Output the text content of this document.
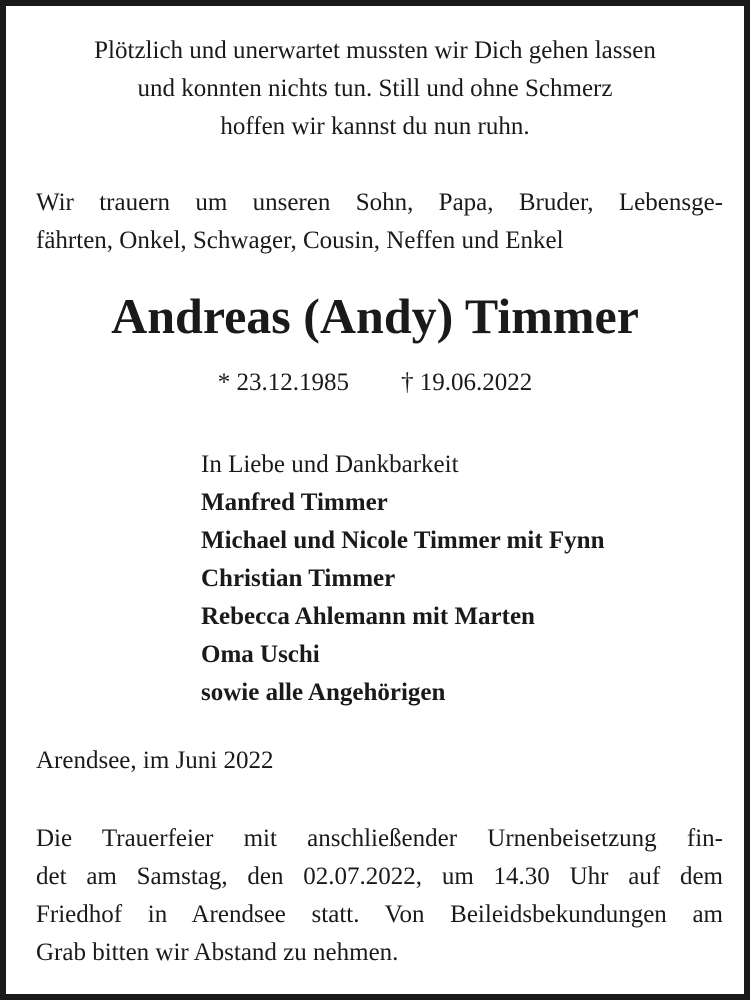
Plötzlich und unerwartet mussten wir Dich gehen lassen
und konnten nichts tun. Still und ohne Schmerz
hoffen wir kannst du nun ruhn.
Wir trauern um unseren Sohn, Papa, Bruder, Lebensge-
fährten, Onkel, Schwager, Cousin, Neffen und Enkel
Andreas (Andy) Timmer
* 23.12.1985 † 19.06.2022
In Liebe und Dankbarkeit
Manfred Timmer
Michael und Nicole Timmer mit Fynn
Christian Timmer
Rebecca Ahlemann mit Marten
Oma Uschi
sowie alle Angehörigen
Arendsee, im Juni 2022
Die Trauerfeier mit anschließender Urnenbeisetzung fin-
det am Samstag, den 02.07.2022, um 14.30 Uhr auf dem
Friedhof in Arendsee statt. Von Beileidsbekundungen am
Grab bitten wir Abstand zu nehmen.
